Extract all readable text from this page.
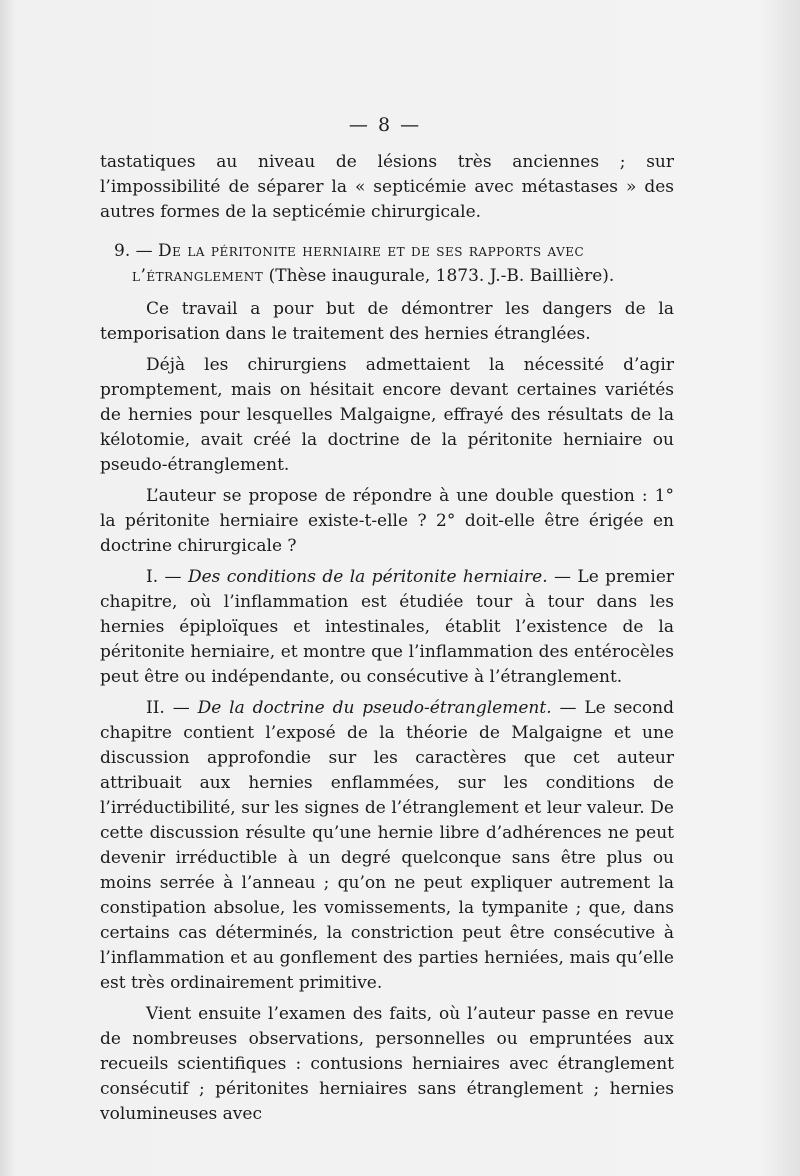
— 8 —

tastatiques au niveau de lésions très anciennes ; sur l’impossibilité de séparer la « septicémie avec métastases » des autres formes de la septicémie chirurgicale.

9. — De la péritonite herniaire et de ses rapports avec
l’étranglement (Thèse inaugurale, 1873. J.-B. Baillière).

Ce travail a pour but de démontrer les dangers de la temporisation dans le traitement des hernies étranglées.

Déjà les chirurgiens admettaient la nécessité d’agir promptement, mais on hésitait encore devant certaines variétés de hernies pour lesquelles Malgaigne, effrayé des résultats de la kélotomie, avait créé la doctrine de la péritonite herniaire ou pseudo-étranglement.

L’auteur se propose de répondre à une double question : 1° la péritonite herniaire existe-t-elle ? 2° doit-elle être érigée en doctrine chirurgicale ?

I. — Des conditions de la péritonite herniaire. — Le premier chapitre, où l’inflammation est étudiée tour à tour dans les hernies épiploïques et intestinales, établit l’existence de la péritonite herniaire, et montre que l’inflammation des entérocèles peut être ou indépendante, ou consécutive à l’étranglement.

II. — De la doctrine du pseudo-étranglement. — Le second chapitre contient l’exposé de la théorie de Malgaigne et une discussion approfondie sur les caractères que cet auteur attribuait aux hernies enflammées, sur les conditions de l’irréductibilité, sur les signes de l’étranglement et leur valeur. De cette discussion résulte qu’une hernie libre d’adhérences ne peut devenir irréductible à un degré quelconque sans être plus ou moins serrée à l’anneau ; qu’on ne peut expliquer autrement la constipation absolue, les vomissements, la tympanite ; que, dans certains cas déterminés, la constriction peut être consécutive à l’inflammation et au gonflement des parties herniées, mais qu’elle est très ordinairement primitive.

Vient ensuite l’examen des faits, où l’auteur passe en revue de nombreuses observations, personnelles ou empruntées aux recueils scientifiques : contusions herniaires avec étranglement consécutif ; péritonites herniaires sans étranglement ; hernies volumineuses avec
